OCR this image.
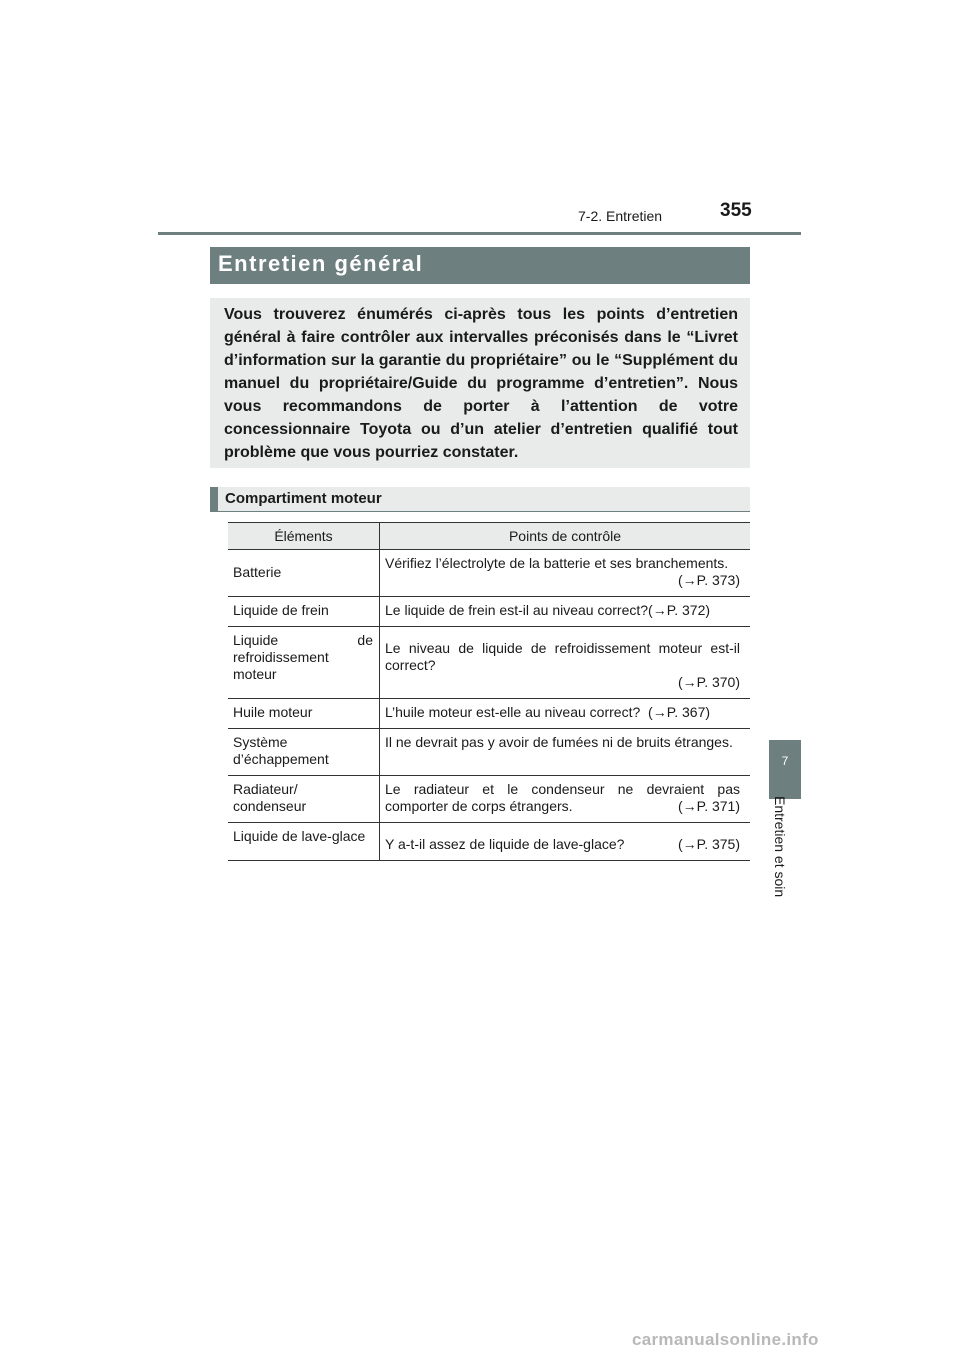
355
7-2. Entretien
Entretien général
Vous trouverez énumérés ci-après tous les points d’entretien général à faire contrôler aux intervalles préconisés dans le “Livret d’information sur la garantie du propriétaire” ou le “Supplément du manuel du propriétaire/Guide du programme d’entretien”. Nous vous recommandons de porter à l’attention de votre concessionnaire Toyota ou d’un atelier d’entretien qualifié tout problème que vous pourriez constater.
Compartiment moteur
Éléments	Points de contrôle

Batterie	Vérifiez l’électrolyte de la batterie et ses branchements.
(→P. 373)

Liquide de frein	Le liquide de frein est-il au niveau correct?(→P. 372)
Liquide de refroidissement moteur	Le niveau de liquide de refroidissement moteur est-il correct?
(→P. 370)

Huile moteur	L’huile moteur est-elle au niveau correct? (→P. 367)
Système d’échappement	Il ne devrait pas y avoir de fumées ni de bruits étranges.

Radiateur/ condenseur	Le radiateur et le condenseur ne devraient pas comporter de corps étrangers. (→P. 371)

Liquide de lave-glace	Y a-t-il assez de liquide de lave-glace? (→P. 375)
7
Entretien et soin
carmanualsonline.info
